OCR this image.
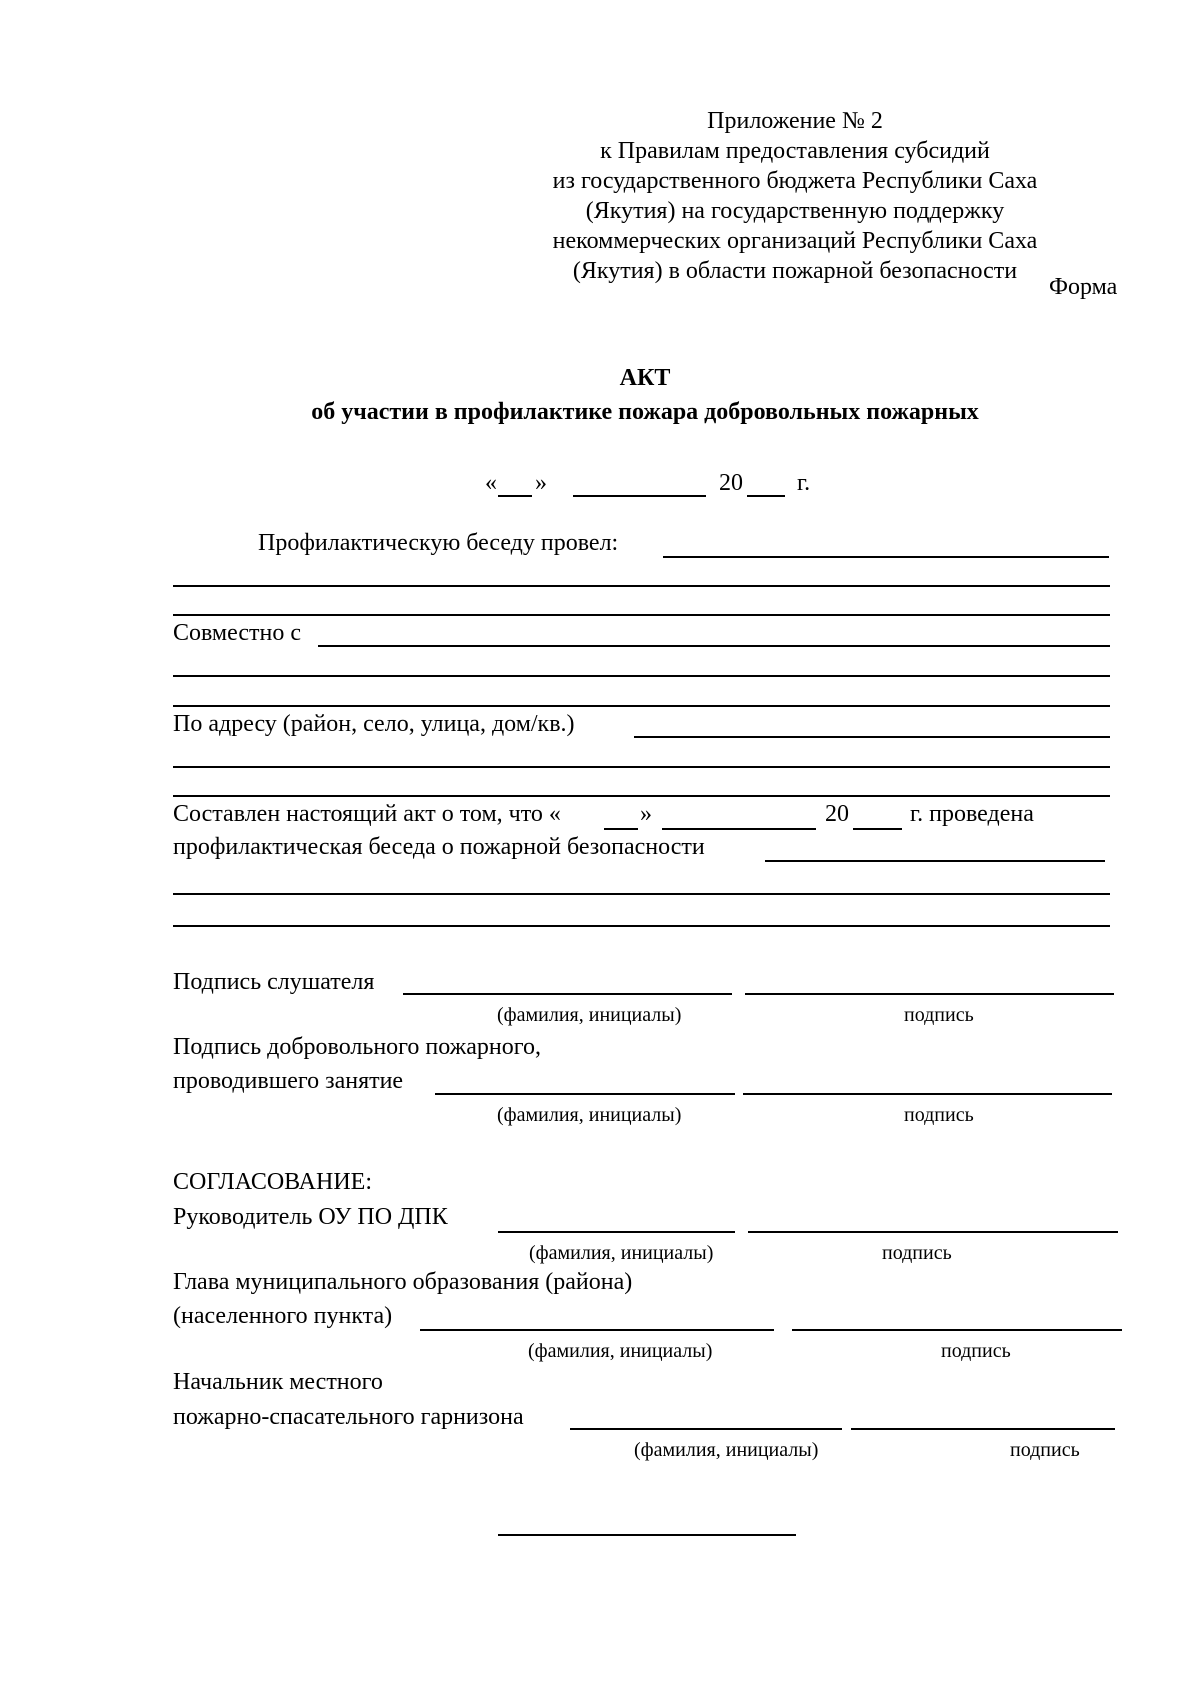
Приложение № 2
к Правилам предоставления субсидий
из государственного бюджета Республики Саха
(Якутия) на государственную поддержку
некоммерческих организаций Республики Саха
(Якутия) в области пожарной безопасности
Форма
АКТ
об участии в профилактике пожара добровольных пожарных
« »	20 г.
Профилактическую беседу провел:
Совместно с
По адресу (район, село, улица, дом/кв.)
Составлен настоящий акт о том, что «	»	20	г. проведена
профилактическая беседа о пожарной безопасности
Подпись слушателя
(фамилия, инициалы)	подпись
Подпись добровольного пожарного,
проводившего занятие
(фамилия, инициалы)	подпись
СОГЛАСОВАНИЕ:
Руководитель ОУ ПО ДПК
(фамилия, инициалы)	подпись
Глава муниципального образования (района)
(населенного пункта)
(фамилия, инициалы)	подпись
Начальник местного
пожарно-спасательного гарнизона
(фамилия, инициалы)	подпись
